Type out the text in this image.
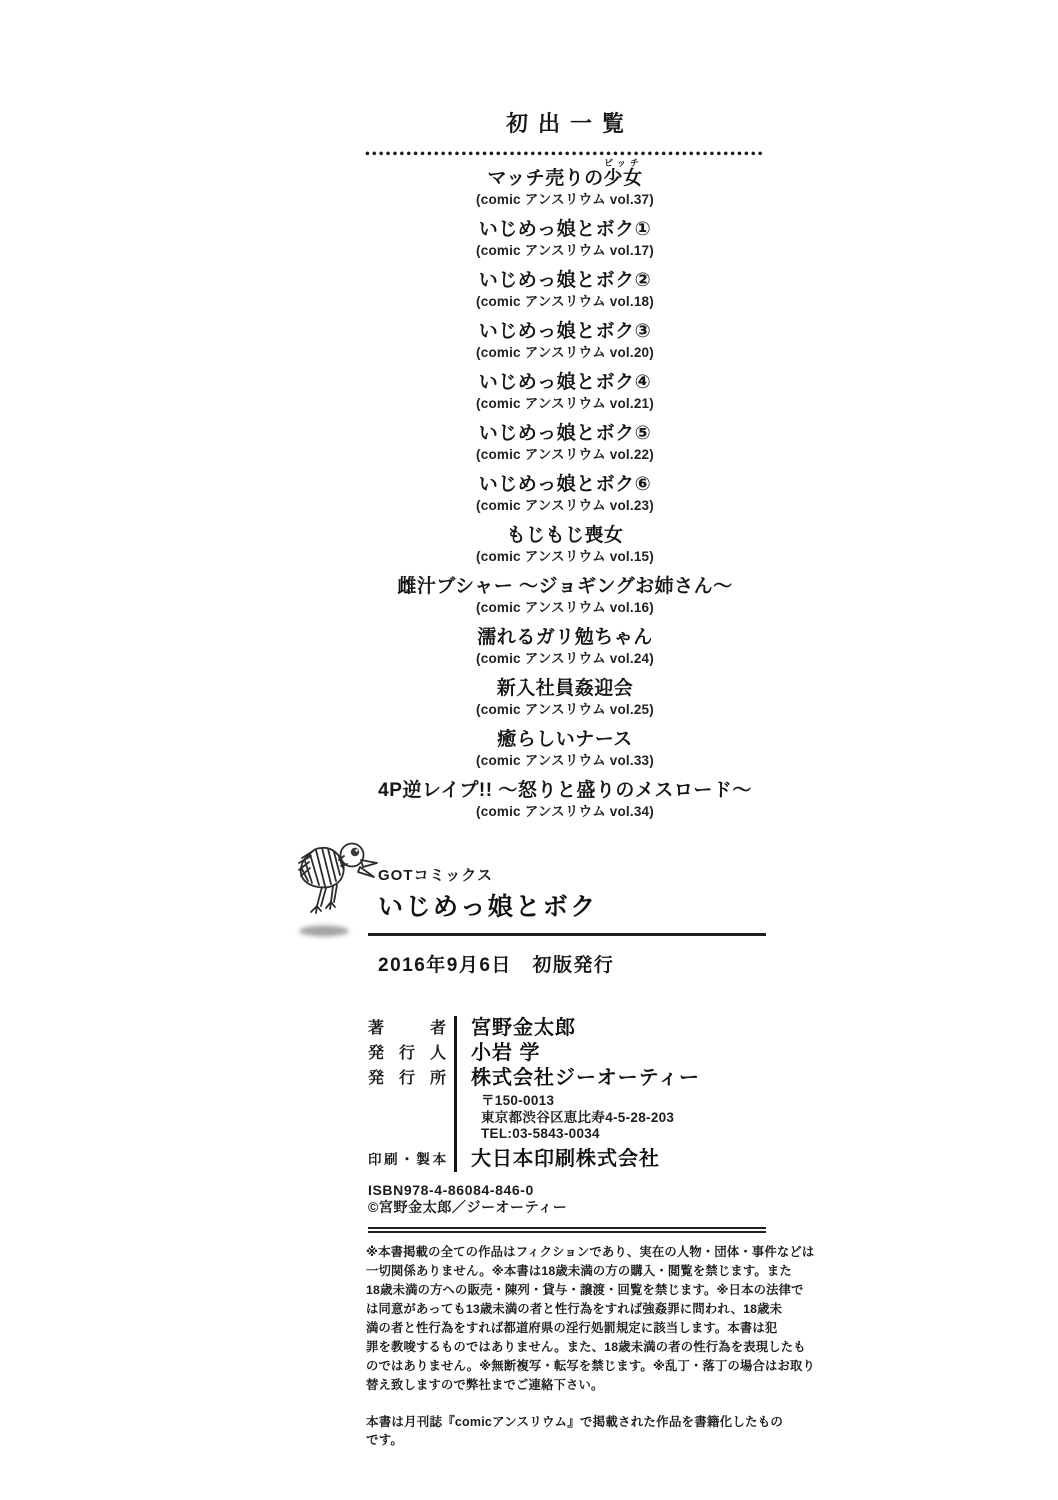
初出一覧
マッチ売りの少女ビッチ
(comic アンスリウム vol.37)
いじめっ娘とボク①
(comic アンスリウム vol.17)
いじめっ娘とボク②
(comic アンスリウム vol.18)
いじめっ娘とボク③
(comic アンスリウム vol.20)
いじめっ娘とボク④
(comic アンスリウム vol.21)
いじめっ娘とボク⑤
(comic アンスリウム vol.22)
いじめっ娘とボク⑥
(comic アンスリウム vol.23)
もじもじ喪女
(comic アンスリウム vol.15)
雌汁ブシャー ～ジョギングお姉さん～
(comic アンスリウム vol.16)
濡れるガリ勉ちゃん
(comic アンスリウム vol.24)
新入社員姦迎会
(comic アンスリウム vol.25)
癒らしいナース
(comic アンスリウム vol.33)
4P逆レイプ!! ～怒りと盛りのメスロード～
(comic アンスリウム vol.34)
GOTコミックス
いじめっ娘とボク
2016年9月6日　初版発行
著者	宮野金太郎
発行人	小岩 学
発行所	株式会社ジーオーティー
〒150-0013
東京都渋谷区恵比寿4-5-28-203
TEL:03-5843-0034
印刷・製本	大日本印刷株式会社
ISBN978-4-86084-846-0
©宮野金太郎／ジーオーティー
※本書掲載の全ての作品はフィクションであり、実在の人物・団体・事件などは
一切関係ありません。※本書は18歳未満の方の購入・閲覧を禁じます。また
18歳未満の方への販売・陳列・貸与・譲渡・回覧を禁じます。※日本の法律で
は同意があっても13歳未満の者と性行為をすれば強姦罪に問われ、18歳未
満の者と性行為をすれば都道府県の淫行処罰規定に該当します。本書は犯
罪を教唆するものではありません。また、18歳未満の者の性行為を表現したも
のではありません。※無断複写・転写を禁じます。※乱丁・落丁の場合はお取り
替え致しますので弊社までご連絡下さい。

本書は月刊誌『comicアンスリウム』で掲載された作品を書籍化したものです。
